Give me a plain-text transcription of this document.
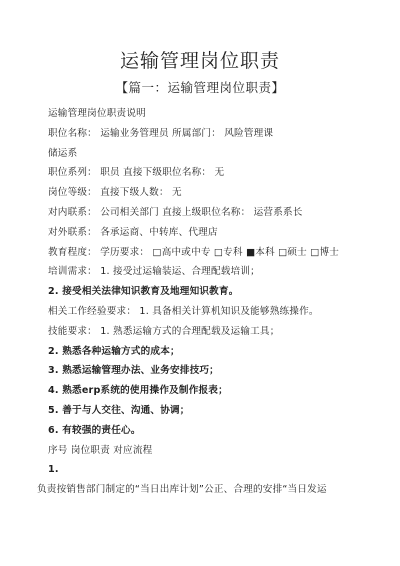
运输管理岗位职责
【篇一：运输管理岗位职责】
运输管理岗位职责说明
职位名称： 运输业务管理员 所属部门： 风险管理课
储运系
职位系列： 职员 直接下级职位名称： 无
岗位等级： 直接下级人数： 无
对内联系： 公司相关部门 直接上级职位名称： 运营系系长
对外联系： 各承运商、中转库、代理店
教育程度： 学历要求： □高中或中专 □专科 ■本科 □硕士 □博士
培训需求： 1. 接受过运输装运、合理配载培训；
2. 接受相关法律知识教育及地理知识教育。
相关工作经验要求： 1. 具备相关计算机知识及能够熟练操作。
技能要求： 1. 熟悉运输方式的合理配载及运输工具；
2. 熟悉各种运输方式的成本；
3. 熟悉运输管理办法、业务安排技巧；
4. 熟悉erp系统的使用操作及制作报表；
5. 善于与人交往、沟通、协调；
6. 有较强的责任心。
序号 岗位职责 对应流程
1.
负责按销售部门制定的“当日出库计划”公正、合理的安排“当日发运
